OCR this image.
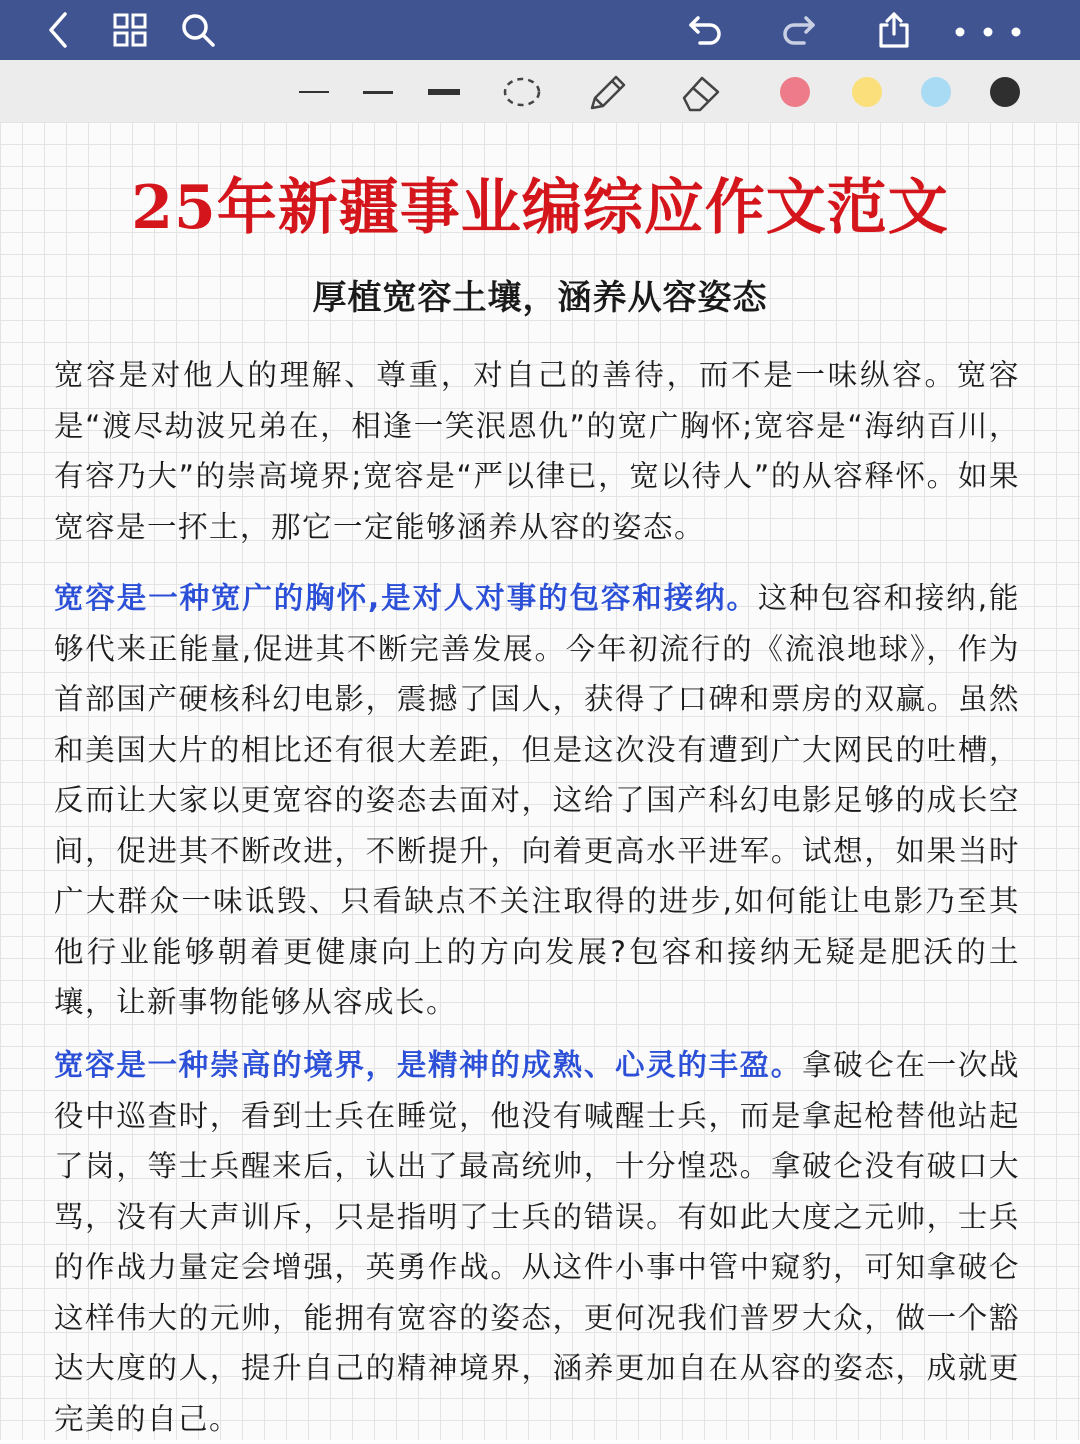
25年新疆事业编综应作文范文
厚植宽容土壤，涵养从容姿态
宽容是对他人的理解、尊重，对自己的善待，而不是一味纵容。宽容是“渡尽劫波兄弟在，相逢一笑泯恩仇”的宽广胸怀;宽容是“海纳百川，有容乃大”的崇高境界;宽容是“严以律已，宽以待人”的从容释怀。如果宽容是一抔土，那它一定能够涵养从容的姿态。
宽容是一种宽广的胸怀,是对人对事的包容和接纳。这种包容和接纳,能够代来正能量,促进其不断完善发展。今年初流行的《流浪地球》，作为首部国产硬核科幻电影，震撼了国人，获得了口碑和票房的双赢。虽然和美国大片的相比还有很大差距，但是这次没有遭到广大网民的吐槽，反而让大家以更宽容的姿态去面对，这给了国产科幻电影足够的成长空间，促进其不断改进，不断提升，向着更高水平进军。试想，如果当时广大群众一味诋毁、只看缺点不关注取得的进步,如何能让电影乃至其他行业能够朝着更健康向上的方向发展?包容和接纳无疑是肥沃的土壤，让新事物能够从容成长。
宽容是一种崇高的境界，是精神的成熟、心灵的丰盈。拿破仑在一次战役中巡查时，看到士兵在睡觉，他没有喊醒士兵，而是拿起枪替他站起了岗，等士兵醒来后，认出了最高统帅，十分惶恐。拿破仑没有破口大骂，没有大声训斥，只是指明了士兵的错误。有如此大度之元帅，士兵的作战力量定会增强，英勇作战。从这件小事中管中窥豹，可知拿破仑这样伟大的元帅，能拥有宽容的姿态，更何况我们普罗大众，做一个豁达大度的人，提升自己的精神境界，涵养更加自在从容的姿态，成就更完美的自己。
